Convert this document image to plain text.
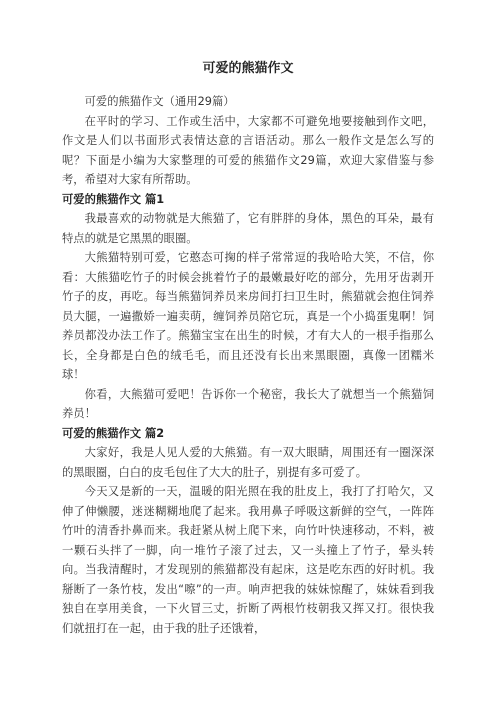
可爱的熊猫作文

可爱的熊猫作文（通用29篇）

在平时的学习、工作或生活中，大家都不可避免地要接触到作文吧，作文是人们以书面形式表情达意的言语活动。那么一般作文是怎么写的呢？下面是小编为大家整理的可爱的熊猫作文29篇，欢迎大家借鉴与参考，希望对大家有所帮助。

可爱的熊猫作文 篇1

我最喜欢的动物就是大熊猫了，它有胖胖的身体，黑色的耳朵，最有特点的就是它黑黑的眼圈。

大熊猫特别可爱，它憨态可掬的样子常常逗的我哈哈大笑，不信，你看：大熊猫吃竹子的时候会挑着竹子的最嫩最好吃的部分，先用牙齿剥开竹子的皮，再吃。每当熊猫饲养员来房间打扫卫生时，熊猫就会抱住饲养员大腿，一遍撒娇一遍卖萌，缠饲养员陪它玩，真是一个小捣蛋鬼啊！饲养员都没办法工作了。熊猫宝宝在出生的时候，才有大人的一根手指那么长，全身都是白色的绒毛毛，而且还没有长出来黑眼圈，真像一团糯米球！

你看，大熊猫可爱吧！告诉你一个秘密，我长大了就想当一个熊猫饲养员！

可爱的熊猫作文 篇2

大家好，我是人见人爱的大熊猫。有一双大眼睛，周围还有一圈深深的黑眼圈，白白的皮毛包住了大大的肚子，别提有多可爱了。

今天又是新的一天，温暖的阳光照在我的肚皮上，我打了打哈欠，又伸了伸懒腰，迷迷糊糊地爬了起来。我用鼻子呼吸这新鲜的空气，一阵阵竹叶的清香扑鼻而来。我赶紧从树上爬下来，向竹叶快速移动，不料，被一颗石头拌了一脚，向一堆竹子滚了过去，又一头撞上了竹子，晕头转向。当我清醒时，才发现别的熊猫都没有起床，这是吃东西的好时机。我掰断了一条竹枝，发出“嚓”的一声。响声把我的妹妹惊醒了，妹妹看到我独自在享用美食，一下火冒三丈，折断了两根竹枝朝我又挥又打。很快我们就扭打在一起，由于我的肚子还饿着，
